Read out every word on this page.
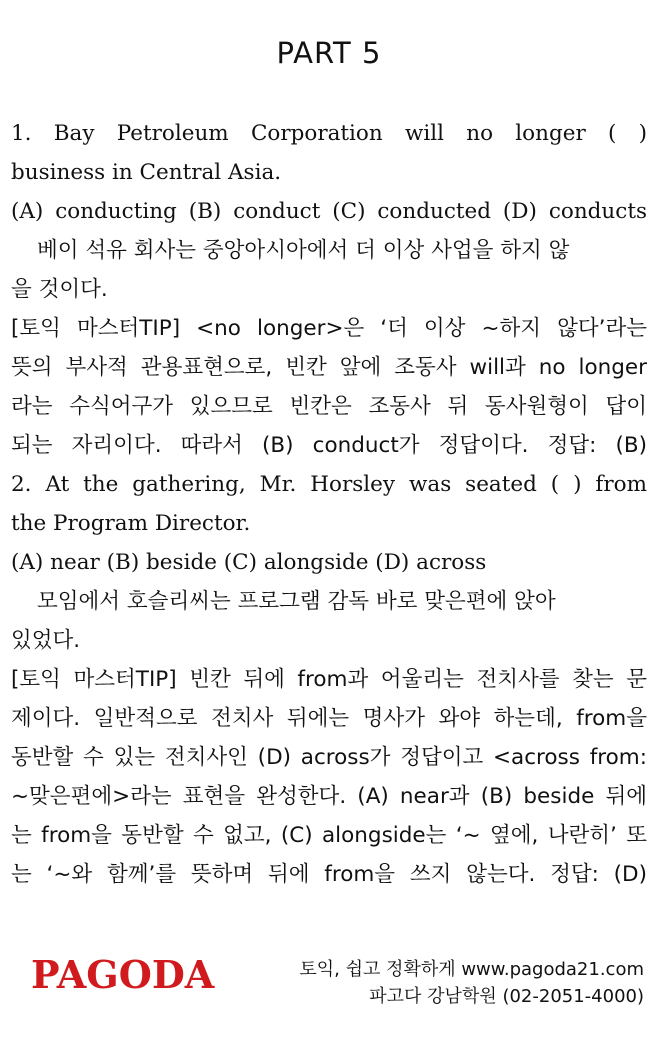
PART 5
1. Bay Petroleum Corporation will no longer ( )
business in Central Asia.
(A) conducting (B) conduct (C) conducted (D) conducts
베이 석유 회사는 중앙아시아에서 더 이상 사업을 하지 않
을 것이다.
[토익 마스터TIP] <no longer>은 ‘더 이상 ~하지 않다’라는
뜻의 부사적 관용표현으로, 빈칸 앞에 조동사 will과 no longer
라는 수식어구가 있으므로 빈칸은 조동사 뒤 동사원형이 답이
되는 자리이다. 따라서 (B) conduct가 정답이다. 정답: (B)
2. At the gathering, Mr. Horsley was seated ( ) from
the Program Director.
(A) near (B) beside (C) alongside (D) across
모임에서 호슬리씨는 프로그램 감독 바로 맞은편에 앉아
있었다.
[토익 마스터TIP] 빈칸 뒤에 from과 어울리는 전치사를 찾는 문
제이다. 일반적으로 전치사 뒤에는 명사가 와야 하는데, from을
동반할 수 있는 전치사인 (D) across가 정답이고 <across from:
~맞은편에>라는 표현을 완성한다. (A) near과 (B) beside 뒤에
는 from을 동반할 수 없고, (C) alongside는 ‘~ 옆에, 나란히’ 또
는 ‘~와 함께’를 뜻하며 뒤에 from을 쓰지 않는다. 정답: (D)
PAGODA	토익, 쉽고 정확하게 www.pagoda21.com
파고다 강남학원 (02-2051-4000)
